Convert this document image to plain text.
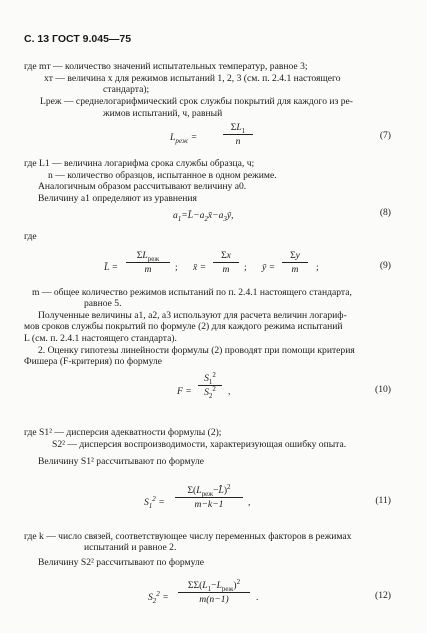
С. 13 ГОСТ 9.045—75
где mт — количество значений испытательных температур, равное 3;
xт — величина x для режимов испытаний 1, 2, 3 (см. п. 2.4.1 настоящего
стандарта);
Lреж — среднелогарифмический срок службы покрытий для каждого из ре-
жимов испытаний, ч, равный
$L_{реж}$ =	$\frac{\Sigma L_1}{n}$	(7)
где L1 — величина логарифма срока службы образца, ч;
n — количество образцов, испытанное в одном режиме.
Аналогичным образом рассчитывают величину a0.
Величину a1 определяют из уравнения
$a_1=L̄-a_2x̄-a_3ȳ$,	(8)
где
L̄ =
$\Sigma L_{реж}$
m	; x̄ = $\frac{\Sigma x}{m}$ ; ȳ = $\frac{\Sigma y}{m}$ ;	(9)
m — общее количество режимов испытаний по п. 2.4.1 настоящего стандарта,
равное 5.
Полученные величины a1, a2, a3 используют для расчета величин логариф-
мов сроков службы покрытий по формуле (2) для каждого режима испытаний
L (см. п. 2.4.1 настоящего стандарта).
2. Оценку гипотезы линейности формулы (2) проводят при помощи критерия
Фишера (F-критерия) по формуле
$F = \frac{S_1^2}{S_2^2}$ ,	(10)
где S1² — дисперсия адекватности формулы (2);
S2² — дисперсия воспроизводимости, характеризующая ошибку опыта.
Величину S1² рассчитывают по формуле
$S_1^2$ =
$\Sigma(L_{реж}-L̂)^2$
m−k−1	,	(11)
где k — число связей, соответствующее числу переменных факторов в режимах
испытаний и равное 2.
Величину S2² рассчитывают по формуле
$S_2^2$ =
$\Sigma\Sigma(L_1-L_{реж})^2$
m(n−1)	.	(12)
